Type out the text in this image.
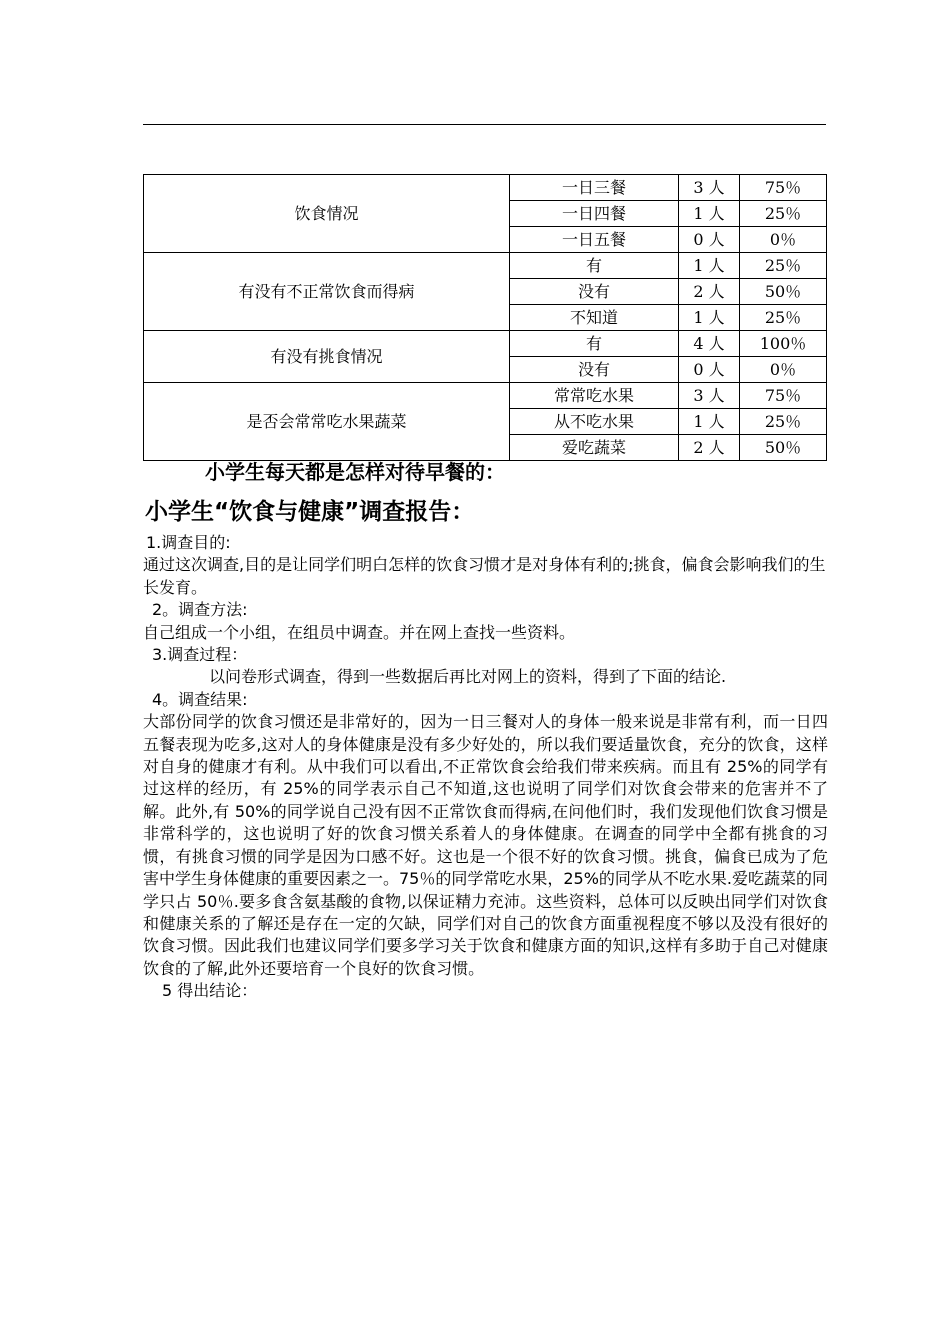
饮食情况	一日三餐	3 人	75％
	一日四餐	1 人	25％
	一日五餐	0 人	0％
有没有不正常饮食而得病	有	1 人	25％
	没有	2 人	50％
	不知道	1 人	25％
有没有挑食情况	有	4 人	100％
	没有	0 人	0％
是否会常常吃水果蔬菜	常常吃水果	3 人	75％
	从不吃水果	1 人	25％
	爱吃蔬菜	2 人	50％
小学生每天都是怎样对待早餐的：
小学生“饮食与健康”调查报告：

1.调查目的:

通过这次调查,目的是让同学们明白怎样的饮食习惯才是对身体有利的;挑食，偏食会影响我们的生长发育。

2。调查方法:

自己组成一个小组，在组员中调查。并在网上查找一些资料。

3.调查过程：

以问卷形式调查，得到一些数据后再比对网上的资料，得到了下面的结论.

4。调查结果:

大部份同学的饮食习惯还是非常好的，因为一日三餐对人的身体一般来说是非常有利，而一日四五餐表现为吃多,这对人的身体健康是没有多少好处的，所以我们要适量饮食，充分的饮食，这样对自身的健康才有利。从中我们可以看出,不正常饮食会给我们带来疾病。而且有 25%的同学有过这样的经历，有 25%的同学表示自己不知道,这也说明了同学们对饮食会带来的危害并不了解。此外,有 50%的同学说自己没有因不正常饮食而得病,在问他们时，我们发现他们饮食习惯是非常科学的，这也说明了好的饮食习惯关系着人的身体健康。在调查的同学中全都有挑食的习惯，有挑食习惯的同学是因为口感不好。这也是一个很不好的饮食习惯。挑食，偏食已成为了危害中学生身体健康的重要因素之一。75％的同学常吃水果，25%的同学从不吃水果.爱吃蔬菜的同学只占 50％.要多食含氨基酸的食物,以保证精力充沛。这些资料，总体可以反映出同学们对饮食和健康关系的了解还是存在一定的欠缺，同学们对自己的饮食方面重视程度不够以及没有很好的饮食习惯。因此我们也建议同学们要多学习关于饮食和健康方面的知识,这样有多助于自己对健康饮食的了解,此外还要培育一个良好的饮食习惯。

5 得出结论：
